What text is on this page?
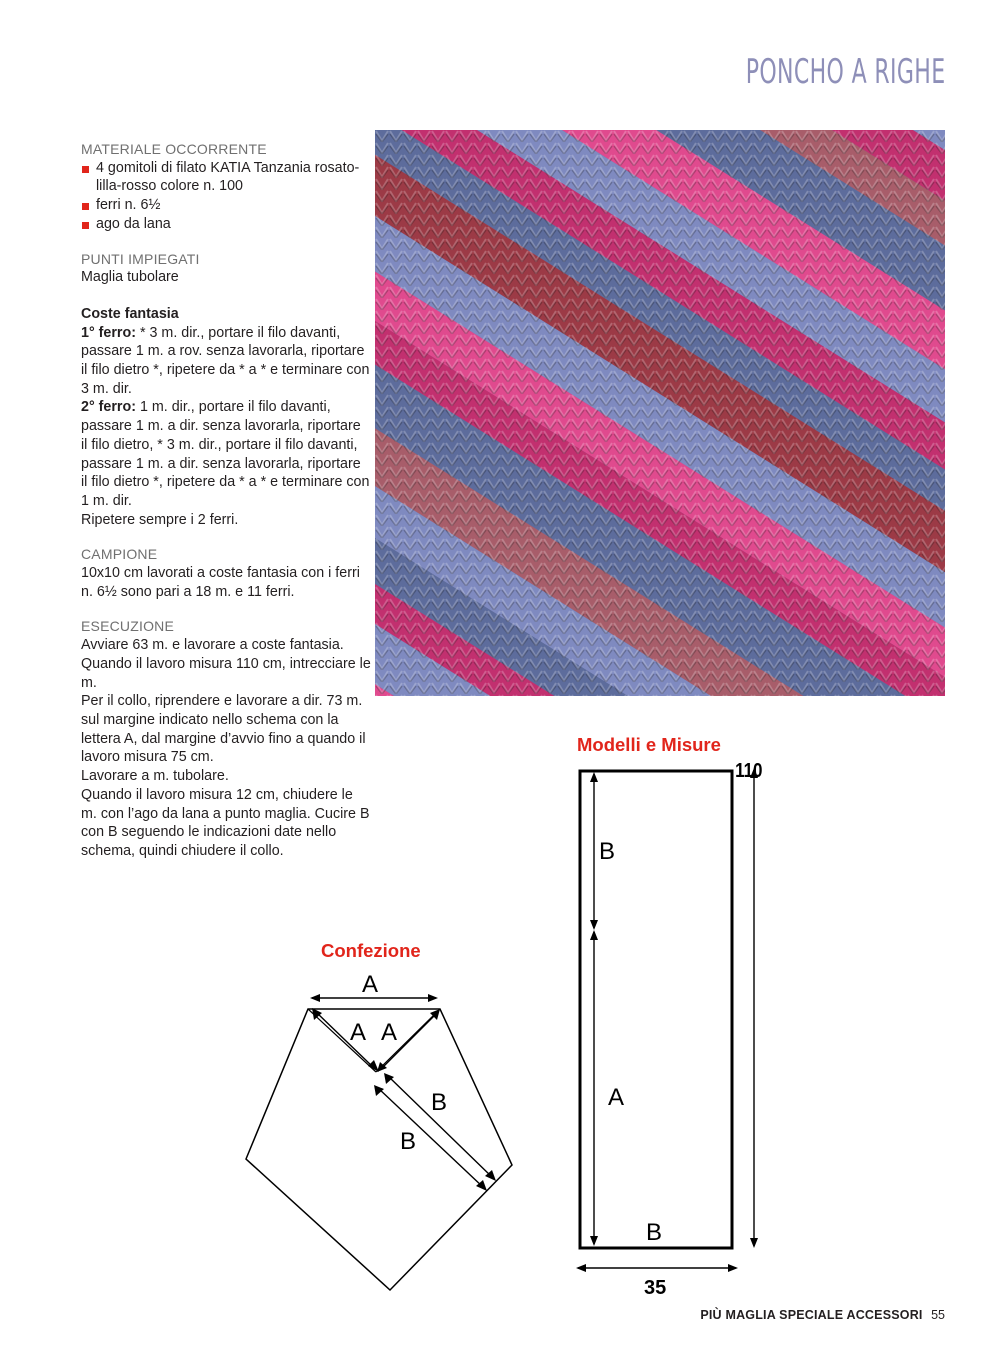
PONCHO A RIGHE
MATERIALE OCCORRENTE
4 gomitoli di filato KATIA Tanzania rosato-lilla-rosso colore n. 100
ferri n. 6½
ago da lana
PUNTI IMPIEGATI
Maglia tubolare
Coste fantasia
1° ferro: * 3 m. dir., portare il filo davanti, passare 1 m. a rov. senza lavorarla, riportare il filo dietro *, ripetere da * a * e terminare con 3 m. dir.
2° ferro: 1 m. dir., portare il filo davanti, passare 1 m. a dir. senza lavorarla, riportare il filo dietro, * 3 m. dir., portare il filo davanti, passare 1 m. a dir. senza lavorarla, riportare il filo dietro *, ripetere da * a * e terminare con 1 m. dir.
Ripetere sempre i 2 ferri.
CAMPIONE
10x10 cm lavorati a coste fantasia con i ferri n. 6½ sono pari a 18 m. e 11 ferri.
ESECUZIONE
Avviare 63 m. e lavorare a coste fantasia. Quando il lavoro misura 110 cm, intrecciare le m.
Per il collo, riprendere e lavorare a dir. 73 m. sul margine indicato nello schema con la lettera A, dal margine d’avvio fino a quando il lavoro misura 75 cm.
Lavorare a m. tubolare.
Quando il lavoro misura 12 cm, chiudere le m. con l’ago da lana a punto maglia. Cucire B con B seguendo le indicazioni date nello schema, quindi chiudere il collo.
Modelli e Misure
B
A
B
110
35
Confezione
A
A A
B
B
PIÙ MAGLIA SPECIALE ACCESSORI 55
